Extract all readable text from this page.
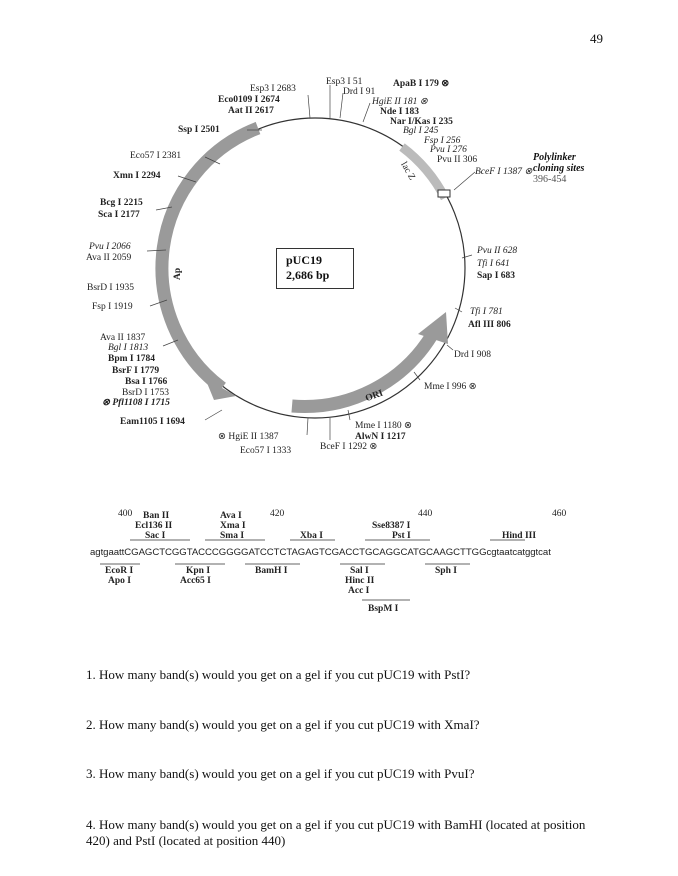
49
Ap
lac Z
ORI
Esp3 I 2683
Eco0109 I 2674
Aat II 2617
Ssp I 2501
Eco57 I 2381
Xmn I 2294
Bcg I 2215
Sca I 2177
Pvu I 2066
Ava II 2059
BsrD I 1935
Fsp I 1919
Ava II 1837
Bgl I 1813
Bpm I 1784
BsrF I 1779
Bsa I 1766
BsrD I 1753
⊗ Pfl1108 I 1715
Eam1105 I 1694
⊗ HgiE II 1387
Eco57 I 1333	BceF I 1292 ⊗
Mme I 1180 ⊗
AlwN I 1217
Mme I 996 ⊗
Drd I 908
Afl III 806
Tfi I 781
Sap I 683
Tfi I 641
Pvu II 628
Esp3 I 51
Drd I 91
ApaB I 179 ⊗
HgiE II 181 ⊗
Nde I 183
Nar I/Kas I 235
Bgl I 245
Fsp I 256
Pvu I 276
Pvu II 306
BceF I 1387 ⊗
pUC19
2,686 bp
Polylinker
cloning sites
396-454
400	420	440	460
Ban II
Ecl136 II
Sac I
Ava I
Xma I
Sma I	Xba I
Sse8387 I
Pst I	Hind III
EcoR I
Apo I
Kpn I
Acc65 I
BamH I	Sal I
Hinc II
Acc I
Sph I
BspM I
agtgaattCGAGCTCGGTACCCGGGGATCCTCTAGAGTCGACCTGCAGGCATGCAAGCTTGGcgtaatcatggtcat
1. How many band(s) would you get on a gel if you cut pUC19 with PstI?
2. How many band(s) would you get on a gel if you cut pUC19 with XmaI?
3. How many band(s) would you get on a gel if you cut pUC19 with PvuI?
4. How many band(s) would you get on a gel if you cut pUC19 with BamHI (located at position 420) and PstI (located at position 440)
